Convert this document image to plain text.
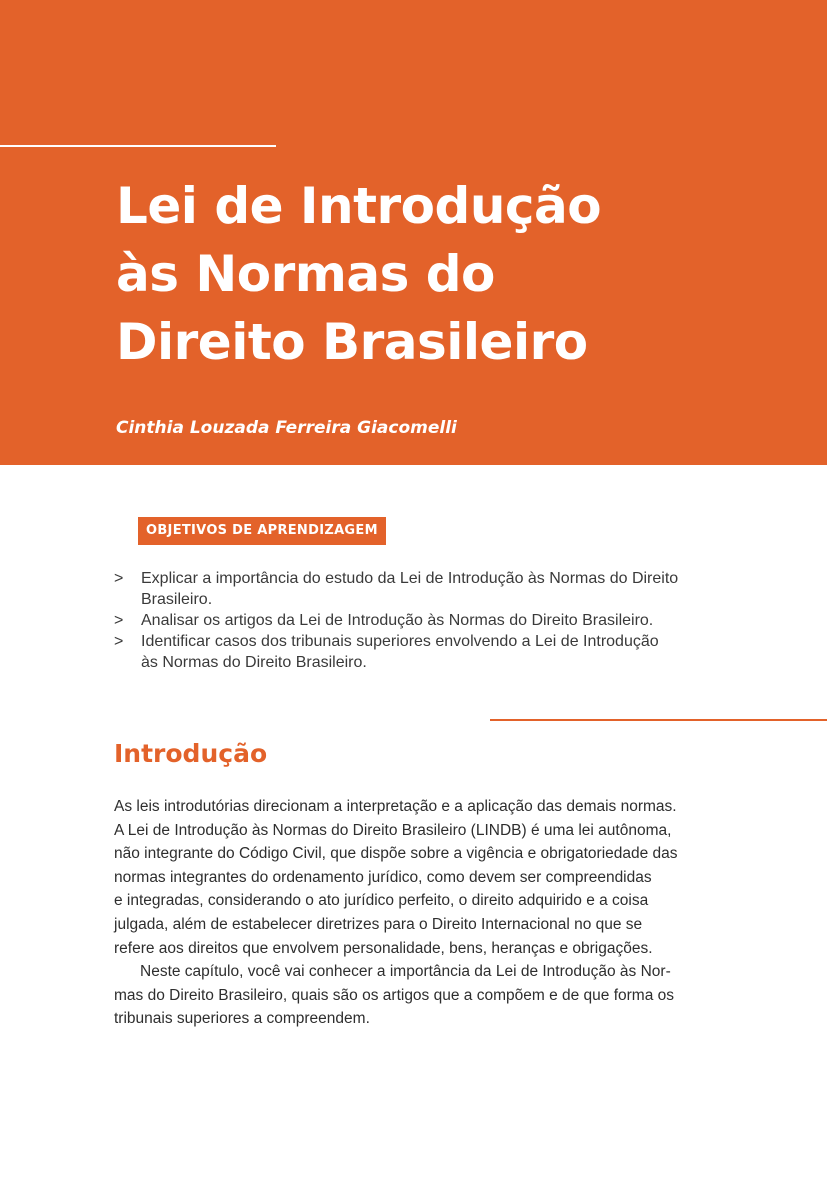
Lei de Introdução
às Normas do
Direito Brasileiro
Cinthia Louzada Ferreira Giacomelli
OBJETIVOS DE APRENDIZAGEM
> Explicar a importância do estudo da Lei de Introdução às Normas do Direito
Brasileiro.
> Analisar os artigos da Lei de Introdução às Normas do Direito Brasileiro.
> Identificar casos dos tribunais superiores envolvendo a Lei de Introdução
às Normas do Direito Brasileiro.
Introdução
As leis introdutórias direcionam a interpretação e a aplicação das demais normas.
A Lei de Introdução às Normas do Direito Brasileiro (LINDB) é uma lei autônoma,
não integrante do Código Civil, que dispõe sobre a vigência e obrigatoriedade das
normas integrantes do ordenamento jurídico, como devem ser compreendidas
e integradas, considerando o ato jurídico perfeito, o direito adquirido e a coisa
julgada, além de estabelecer diretrizes para o Direito Internacional no que se
refere aos direitos que envolvem personalidade, bens, heranças e obrigações.
Neste capítulo, você vai conhecer a importância da Lei de Introdução às Nor-
mas do Direito Brasileiro, quais são os artigos que a compõem e de que forma os
tribunais superiores a compreendem.
